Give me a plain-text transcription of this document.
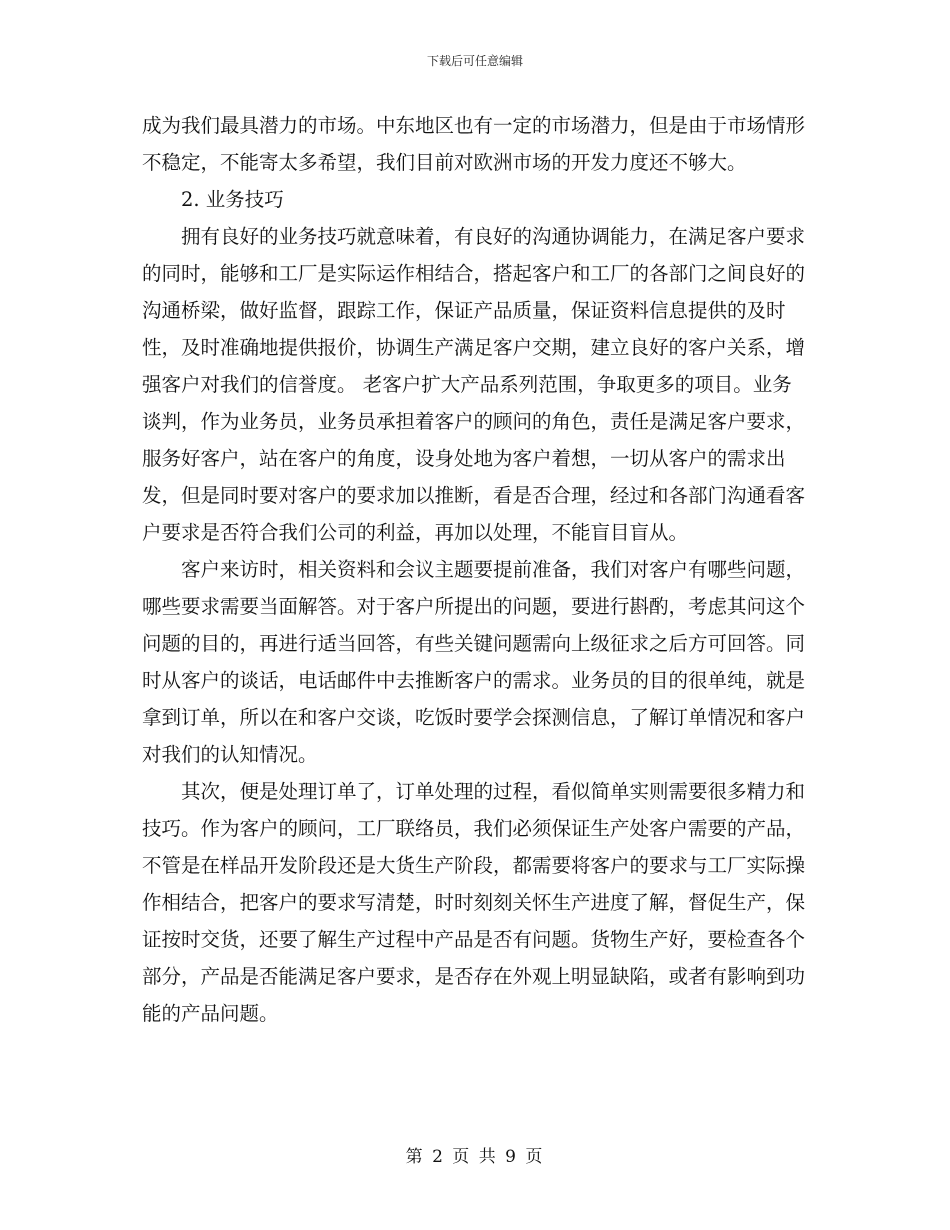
下载后可任意编辑

成为我们最具潜力的市场。中东地区也有一定的市场潜力，但是由于市场情形不稳定，不能寄太多希望，我们目前对欧洲市场的开发力度还不够大。

2. 业务技巧

拥有良好的业务技巧就意味着，有良好的沟通协调能力，在满足客户要求的同时，能够和工厂是实际运作相结合，搭起客户和工厂的各部门之间良好的沟通桥梁，做好监督，跟踪工作，保证产品质量，保证资料信息提供的及时性，及时准确地提供报价，协调生产满足客户交期，建立良好的客户关系，增强客户对我们的信誉度。 老客户扩大产品系列范围，争取更多的项目。业务谈判，作为业务员，业务员承担着客户的顾问的角色，责任是满足客户要求，服务好客户，站在客户的角度，设身处地为客户着想，一切从客户的需求出发，但是同时要对客户的要求加以推断，看是否合理，经过和各部门沟通看客户要求是否符合我们公司的利益，再加以处理，不能盲目盲从。

客户来访时，相关资料和会议主题要提前准备，我们对客户有哪些问题，哪些要求需要当面解答。对于客户所提出的问题，要进行斟酌，考虑其问这个问题的目的，再进行适当回答，有些关键问题需向上级征求之后方可回答。同时从客户的谈话，电话邮件中去推断客户的需求。业务员的目的很单纯，就是拿到订单，所以在和客户交谈，吃饭时要学会探测信息，了解订单情况和客户对我们的认知情况。

其次，便是处理订单了，订单处理的过程，看似简单实则需要很多精力和技巧。作为客户的顾问，工厂联络员，我们必须保证生产处客户需要的产品，不管是在样品开发阶段还是大货生产阶段，都需要将客户的要求与工厂实际操作相结合，把客户的要求写清楚，时时刻刻关怀生产进度了解，督促生产，保证按时交货，还要了解生产过程中产品是否有问题。货物生产好，要检查各个部分，产品是否能满足客户要求，是否存在外观上明显缺陷，或者有影响到功能的产品问题。

第 2 页 共 9 页
